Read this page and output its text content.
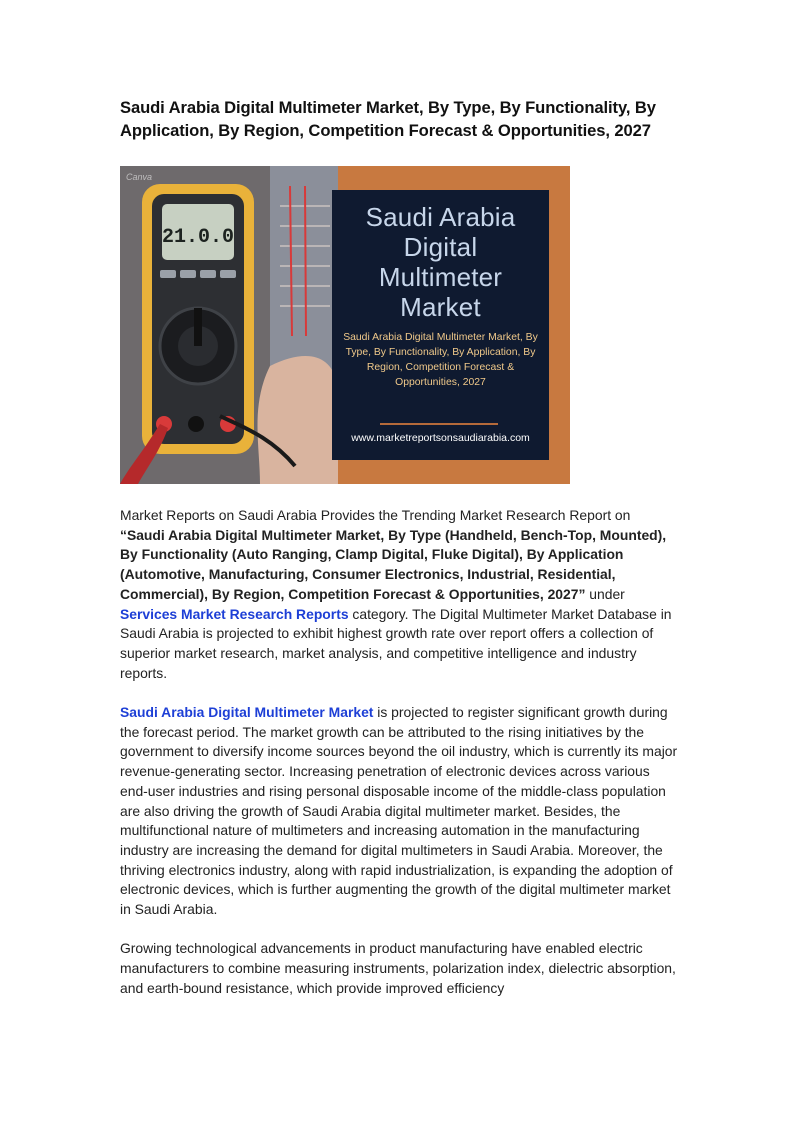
Saudi Arabia Digital Multimeter Market, By Type, By Functionality, By Application, By Region, Competition Forecast & Opportunities, 2027
21.0.0
Canva
Saudi Arabia
Digital
Multimeter
Market
Saudi Arabia Digital Multimeter Market, By Type, By Functionality, By Application, By Region, Competition Forecast & Opportunities, 2027
www.marketreportsonsaudiarabia.com

Market Reports on Saudi Arabia Provides the Trending Market Research Report on “Saudi Arabia Digital Multimeter Market, By Type (Handheld, Bench-Top, Mounted), By Functionality (Auto Ranging, Clamp Digital, Fluke Digital), By Application (Automotive, Manufacturing, Consumer Electronics, Industrial, Residential, Commercial), By Region, Competition Forecast & Opportunities, 2027” under Services Market Research Reports category. The Digital Multimeter Market Database in Saudi Arabia is projected to exhibit highest growth rate over report offers a collection of superior market research, market analysis, and competitive intelligence and industry reports.

Saudi Arabia Digital Multimeter Market is projected to register significant growth during the forecast period. The market growth can be attributed to the rising initiatives by the government to diversify income sources beyond the oil industry, which is currently its major revenue-generating sector. Increasing penetration of electronic devices across various end-user industries and rising personal disposable income of the middle-class population are also driving the growth of Saudi Arabia digital multimeter market. Besides, the multifunctional nature of multimeters and increasing automation in the manufacturing industry are increasing the demand for digital multimeters in Saudi Arabia. Moreover, the thriving electronics industry, along with rapid industrialization, is expanding the adoption of electronic devices, which is further augmenting the growth of the digital multimeter market in Saudi Arabia.

Growing technological advancements in product manufacturing have enabled electric manufacturers to combine measuring instruments, polarization index, dielectric absorption, and earth-bound resistance, which provide improved efficiency
